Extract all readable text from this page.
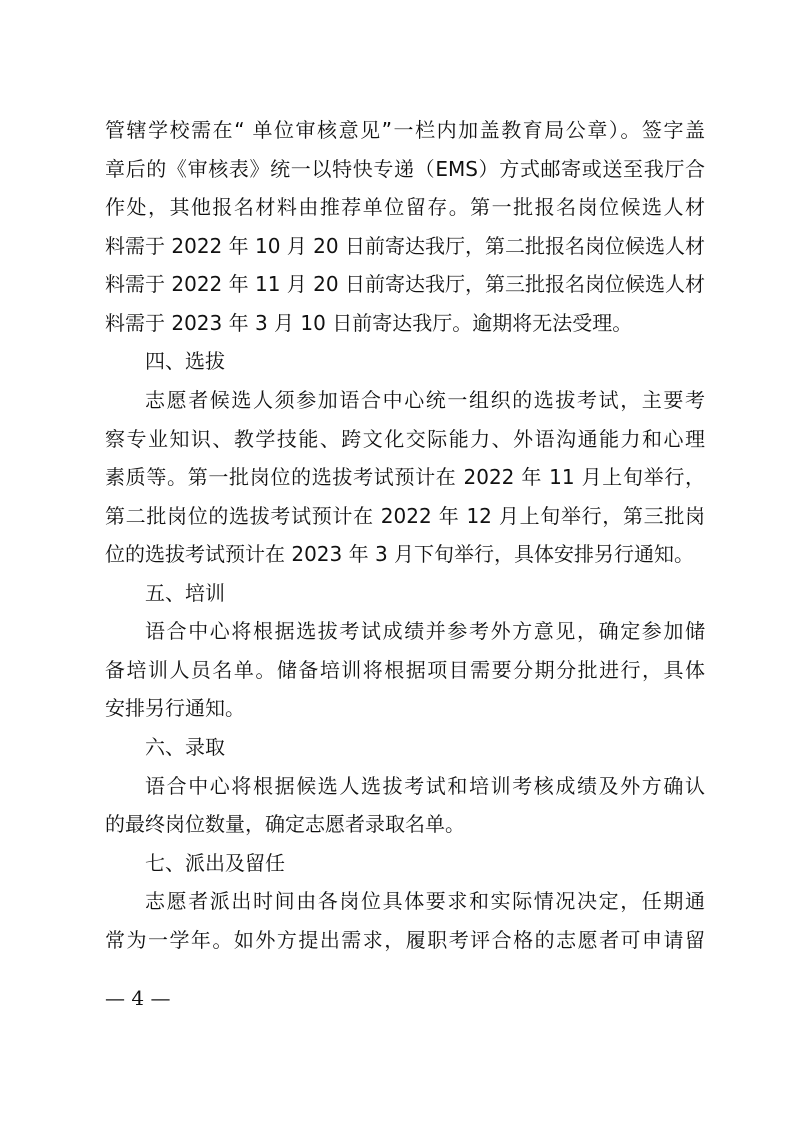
管辖学校需在“ 单位审核意见”一栏内加盖教育局公章）。签字盖

章后的《审核表》统一以特快专递（EMS）方式邮寄或送至我厅合

作处，其他报名材料由推荐单位留存。第一批报名岗位候选人材

料需于 2022 年 10 月 20 日前寄达我厅，第二批报名岗位候选人材

料需于 2022 年 11 月 20 日前寄达我厅，第三批报名岗位候选人材

料需于 2023 年 3 月 10 日前寄达我厅。逾期将无法受理。

四、选拔

志愿者候选人须参加语合中心统一组织的选拔考试，主要考

察专业知识、教学技能、跨文化交际能力、外语沟通能力和心理

素质等。第一批岗位的选拔考试预计在 2022 年 11 月上旬举行，

第二批岗位的选拔考试预计在 2022 年 12 月上旬举行，第三批岗

位的选拔考试预计在 2023 年 3 月下旬举行，具体安排另行通知。

五、培训

语合中心将根据选拔考试成绩并参考外方意见，确定参加储

备培训人员名单。储备培训将根据项目需要分期分批进行，具体

安排另行通知。

六、录取

语合中心将根据候选人选拔考试和培训考核成绩及外方确认

的最终岗位数量，确定志愿者录取名单。

七、派出及留任

志愿者派出时间由各岗位具体要求和实际情况决定，任期通

常为一学年。如外方提出需求，履职考评合格的志愿者可申请留

— 4 —
